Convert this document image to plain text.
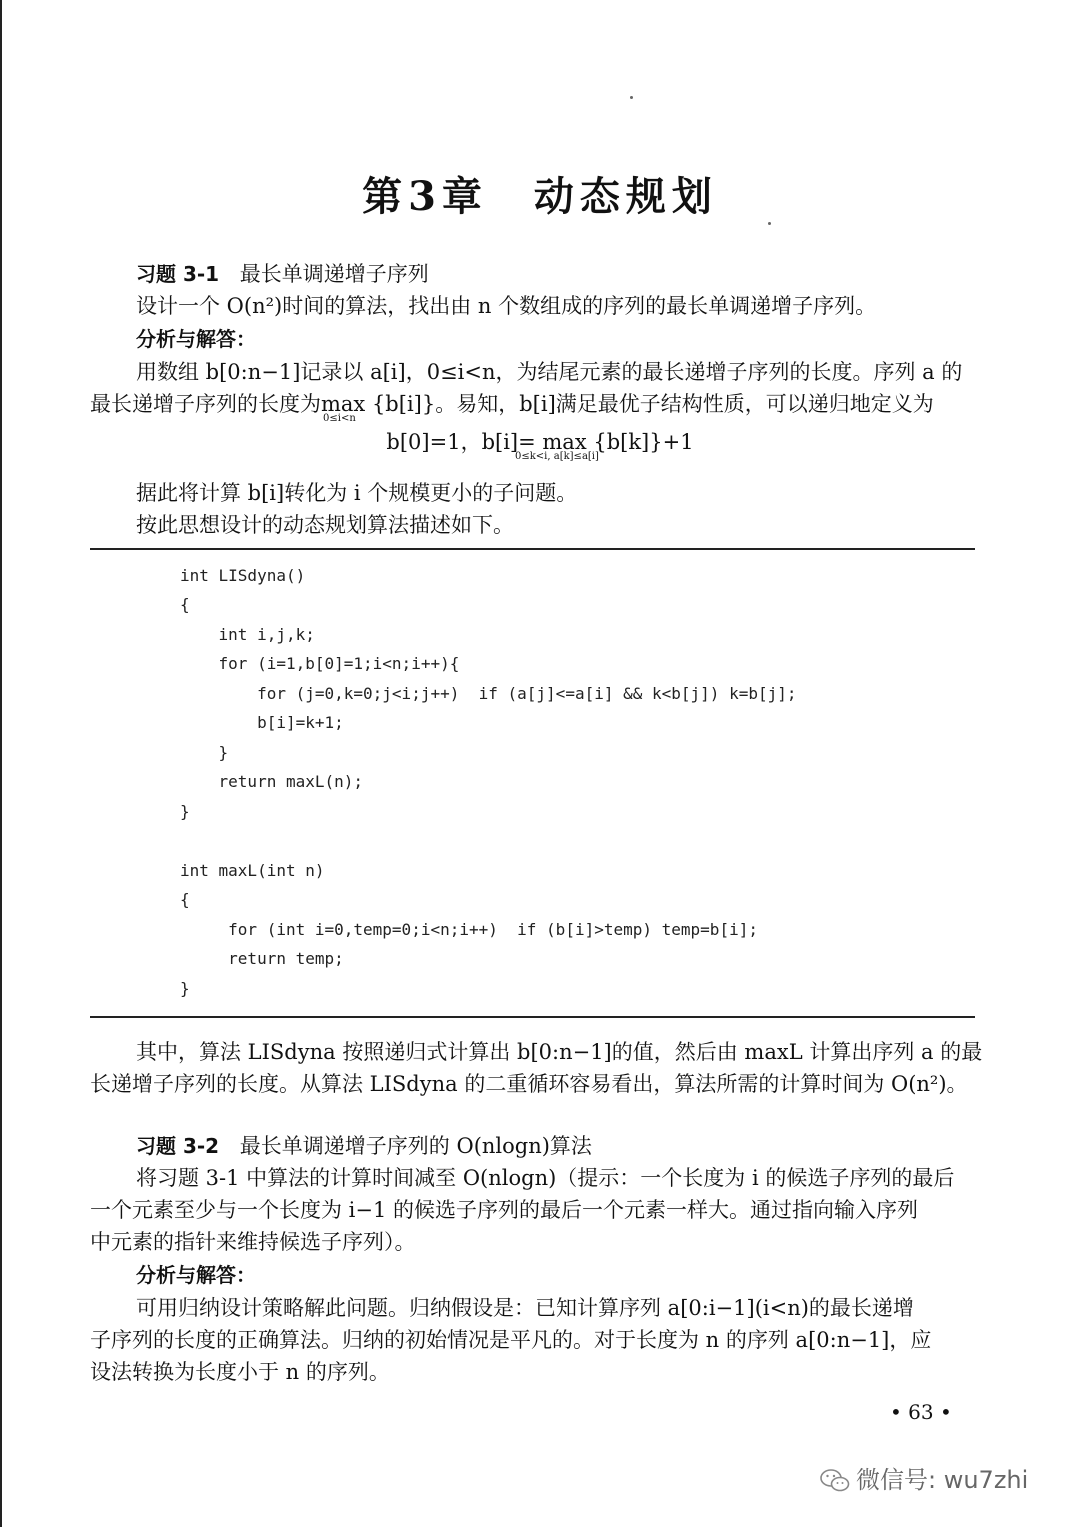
第3章　动态规划
习题 3-1 最长单调递增子序列
设计一个 O(n²)时间的算法，找出由 n 个数组成的序列的最长单调递增子序列。
分析与解答：
用数组 b[0:n−1]记录以 a[i]，0≤i<n，为结尾元素的最长递增子序列的长度。序列 a 的
最长递增子序列的长度为max {b[i]}。易知，b[i]满足最优子结构性质，可以递归地定义为
0≤i<n
b[0]=1，b[i]= max {b[k]}+1
0≤k<i, a[k]≤a[i]
据此将计算 b[i]转化为 i 个规模更小的子问题。
按此思想设计的动态规划算法描述如下。
int LISdyna()
{
int i,j,k;
for (i=1,b[0]=1;i<n;i++){
for (j=0,k=0;j<i;j++)  if (a[j]<=a[i] && k<b[j]) k=b[j];
b[i]=k+1;
}
return maxL(n);
}
int maxL(int n)
{
for (int i=0,temp=0;i<n;i++)  if (b[i]>temp) temp=b[i];
return temp;
}
其中，算法 LISdyna 按照递归式计算出 b[0:n−1]的值，然后由 maxL 计算出序列 a 的最
长递增子序列的长度。从算法 LISdyna 的二重循环容易看出，算法所需的计算时间为 O(n²)。
习题 3-2 最长单调递增子序列的 O(nlogn)算法
将习题 3-1 中算法的计算时间减至 O(nlogn)（提示：一个长度为 i 的候选子序列的最后
一个元素至少与一个长度为 i−1 的候选子序列的最后一个元素一样大。通过指向输入序列
中元素的指针来维持候选子序列）。
分析与解答：
可用归纳设计策略解此问题。归纳假设是：已知计算序列 a[0:i−1](i<n)的最长递增
子序列的长度的正确算法。归纳的初始情况是平凡的。对于长度为 n 的序列 a[0:n−1]，应
设法转换为长度小于 n 的序列。
• 63 •
微信号: wu7zhi
